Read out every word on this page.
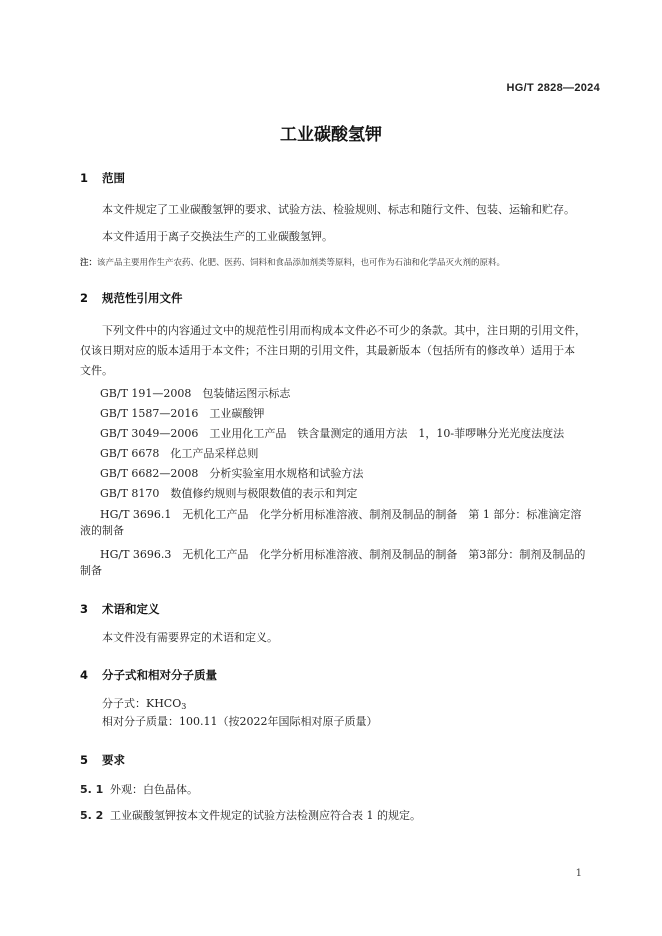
HG/T 2828—2024
工业碳酸氢钾
1 范围
本文件规定了工业碳酸氢钾的要求、试验方法、检验规则、标志和随行文件、包装、运输和贮存。
本文件适用于离子交换法生产的工业碳酸氢钾。
注：该产品主要用作生产农药、化肥、医药、饲料和食品添加剂类等原料，也可作为石油和化学品灭火剂的原料。
2 规范性引用文件
下列文件中的内容通过文中的规范性引用而构成本文件必不可少的条款。其中，注日期的引用文件，
仅该日期对应的版本适用于本文件；不注日期的引用文件，其最新版本（包括所有的修改单）适用于本
文件。
GB/T 191—2008　 包装储运图示标志
GB/T 1587—2016　 工业碳酸钾
GB/T 3049—2006　 工业用化工产品　铁含量测定的通用方法　1，10-菲啰啉分光光度法度法
GB/T 6678　 化工产品采样总则
GB/T 6682—2008　 分析实验室用水规格和试验方法
GB/T 8170　 数值修约规则与极限数值的表示和判定
HG/T 3696.1　无机化工产品　化学分析用标准溶液、制剂及制品的制备　第 1 部分：标准滴定溶
液的制备
HG/T 3696.3　无机化工产品　化学分析用标准溶液、制剂及制品的制备　第3部分：制剂及制品的
制备
3 术语和定义
本文件没有需要界定的术语和定义。
4 分子式和相对分子质量
分子式：$KHCO_3$
相对分子质量：100.11（按2022年国际相对原子质量）
5 要求
5. 1 外观：白色晶体。
5. 2 工业碳酸氢钾按本文件规定的试验方法检测应符合表 1 的规定。
1
